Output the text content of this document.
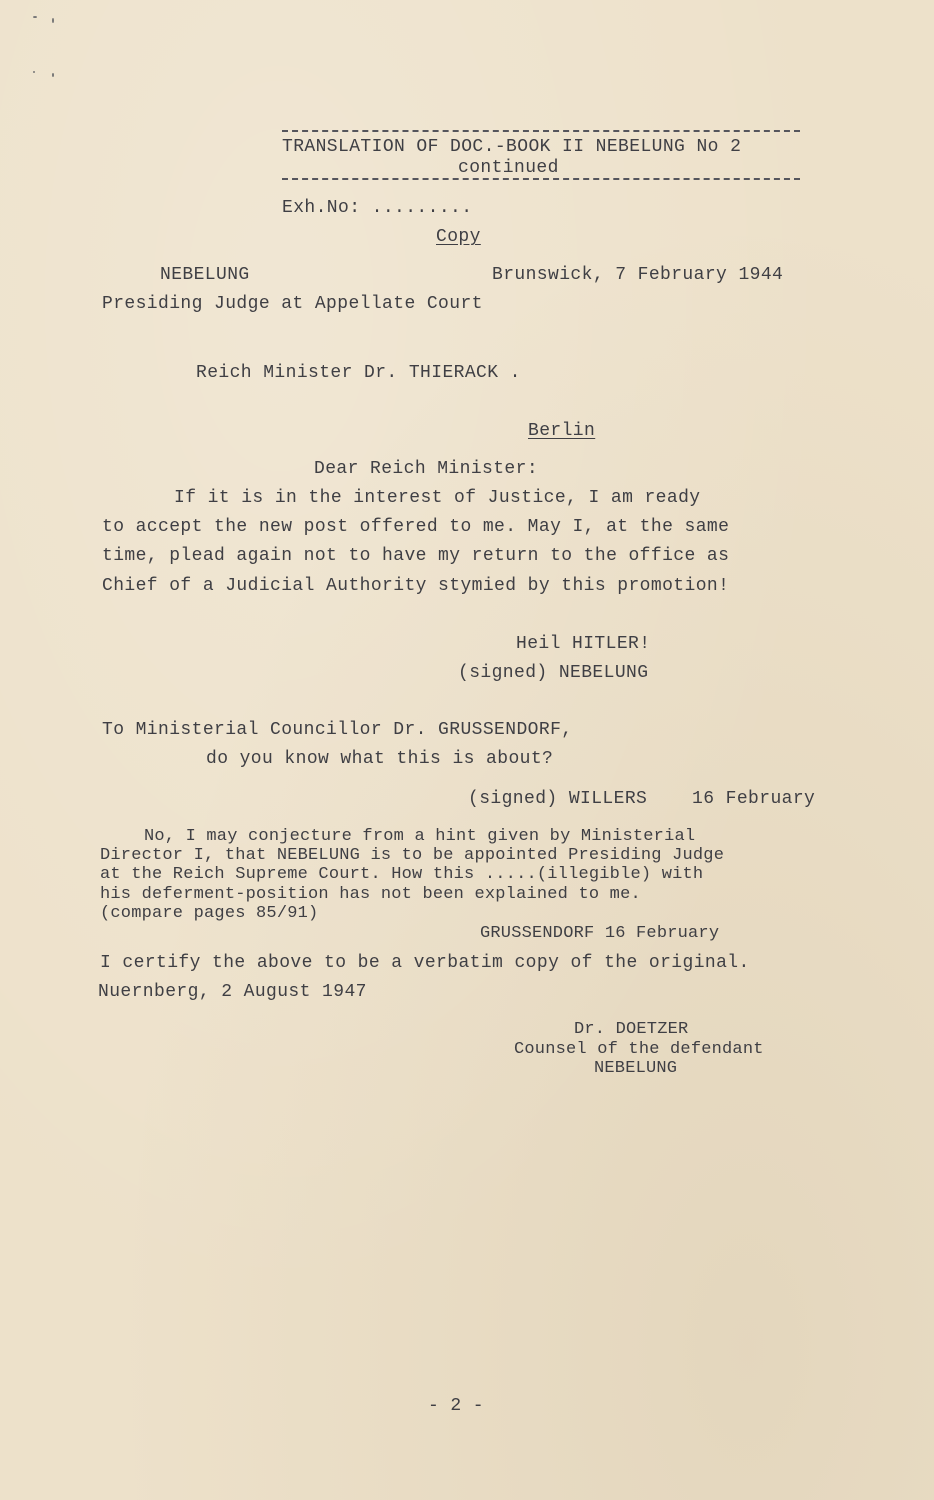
TRANSLATION OF DOC.-BOOK II NEBELUNG No 2
continued
Exh.No: .........
Copy
NEBELUNG	Brunswick, 7 February 1944
Presiding Judge at Appellate Court
Reich Minister Dr. THIERACK .
Berlin
Dear Reich Minister:
If it is in the interest of Justice, I am ready
to accept the new post offered to me. May I, at the same
time, plead again not to have my return to the office as
Chief of a Judicial Authority stymied by this promotion!
Heil HITLER!
(signed) NEBELUNG
To Ministerial Councillor Dr. GRUSSENDORF,
do you know what this is about?
(signed) WILLERS    16 February
No, I may conjecture from a hint given by Ministerial
Director I, that NEBELUNG is to be appointed Presiding Judge
at the Reich Supreme Court. How this .....(illegible) with
his deferment-position has not been explained to me.
(compare pages 85/91)
GRUSSENDORF 16 February
I certify the above to be a verbatim copy of the original.
Nuernberg, 2 August 1947
Dr. DOETZER
Counsel of the defendant
NEBELUNG
- 2 -
